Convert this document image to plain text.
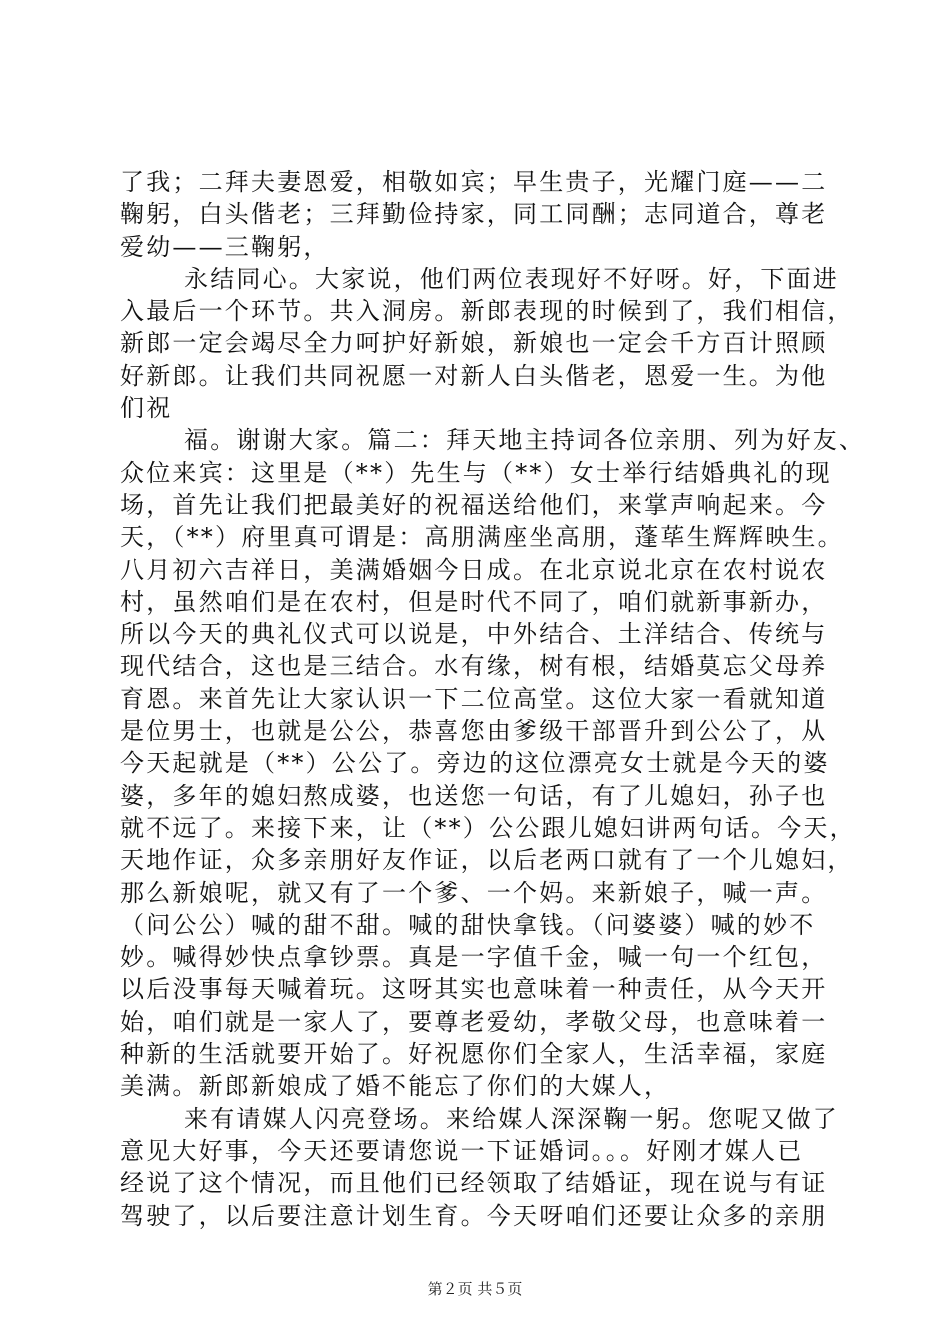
了我；二拜夫妻恩爱，相敬如宾；早生贵子，光耀门庭——二
鞠躬，白头偕老；三拜勤俭持家，同工同酬；志同道合，尊老
爱幼——三鞠躬，
永结同心。大家说，他们两位表现好不好呀。好，下面进
入最后一个环节。共入洞房。新郎表现的时候到了，我们相信，
新郎一定会竭尽全力呵护好新娘，新娘也一定会千方百计照顾
好新郎。让我们共同祝愿一对新人白头偕老，恩爱一生。为他
们祝
福。谢谢大家。篇二：拜天地主持词各位亲朋、列为好友、
众位来宾：这里是（**）先生与（**）女士举行结婚典礼的现
场，首先让我们把最美好的祝福送给他们，来掌声响起来。今
天，（**）府里真可谓是：高朋满座坐高朋，蓬荜生辉辉映生。
八月初六吉祥日，美满婚姻今日成。在北京说北京在农村说农
村，虽然咱们是在农村，但是时代不同了，咱们就新事新办，
所以今天的典礼仪式可以说是，中外结合、土洋结合、传统与
现代结合，这也是三结合。水有缘，树有根，结婚莫忘父母养
育恩。来首先让大家认识一下二位高堂。这位大家一看就知道
是位男士，也就是公公，恭喜您由爹级干部晋升到公公了，从
今天起就是（**）公公了。旁边的这位漂亮女士就是今天的婆
婆，多年的媳妇熬成婆，也送您一句话，有了儿媳妇，孙子也
就不远了。来接下来，让（**）公公跟儿媳妇讲两句话。今天，
天地作证，众多亲朋好友作证，以后老两口就有了一个儿媳妇，
那么新娘呢，就又有了一个爹、一个妈。来新娘子，喊一声。
（问公公）喊的甜不甜。喊的甜快拿钱。（问婆婆）喊的妙不
妙。喊得妙快点拿钞票。真是一字值千金，喊一句一个红包，
以后没事每天喊着玩。这呀其实也意味着一种责任，从今天开
始，咱们就是一家人了，要尊老爱幼，孝敬父母，也意味着一
种新的生活就要开始了。好祝愿你们全家人，生活幸福，家庭
美满。新郎新娘成了婚不能忘了你们的大媒人，
来有请媒人闪亮登场。来给媒人深深鞠一躬。您呢又做了
意见大好事，今天还要请您说一下证婚词。。。好刚才媒人已
经说了这个情况，而且他们已经领取了结婚证，现在说与有证
驾驶了，以后要注意计划生育。今天呀咱们还要让众多的亲朋
第２页 共５页
